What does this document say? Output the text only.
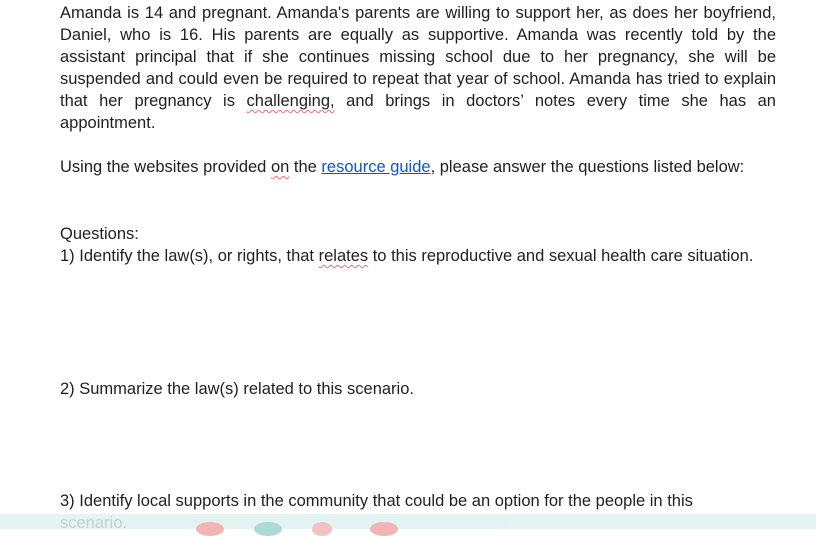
Amanda is 14 and pregnant. Amanda's parents are willing to support her, as does her boyfriend, Daniel, who is 16. His parents are equally as supportive. Amanda was recently told by the assistant principal that if she continues missing school due to her pregnancy, she will be suspended and could even be required to repeat that year of school. Amanda has tried to explain that her pregnancy is challenging, and brings in doctors’ notes every time she has an appointment.

Using the websites provided on the resource guide, please answer the questions listed below:

Questions:

1) Identify the law(s), or rights, that relates to this reproductive and sexual health care situation.

2) Summarize the law(s) related to this scenario.

3) Identify local supports in the community that could be an option for the people in this
